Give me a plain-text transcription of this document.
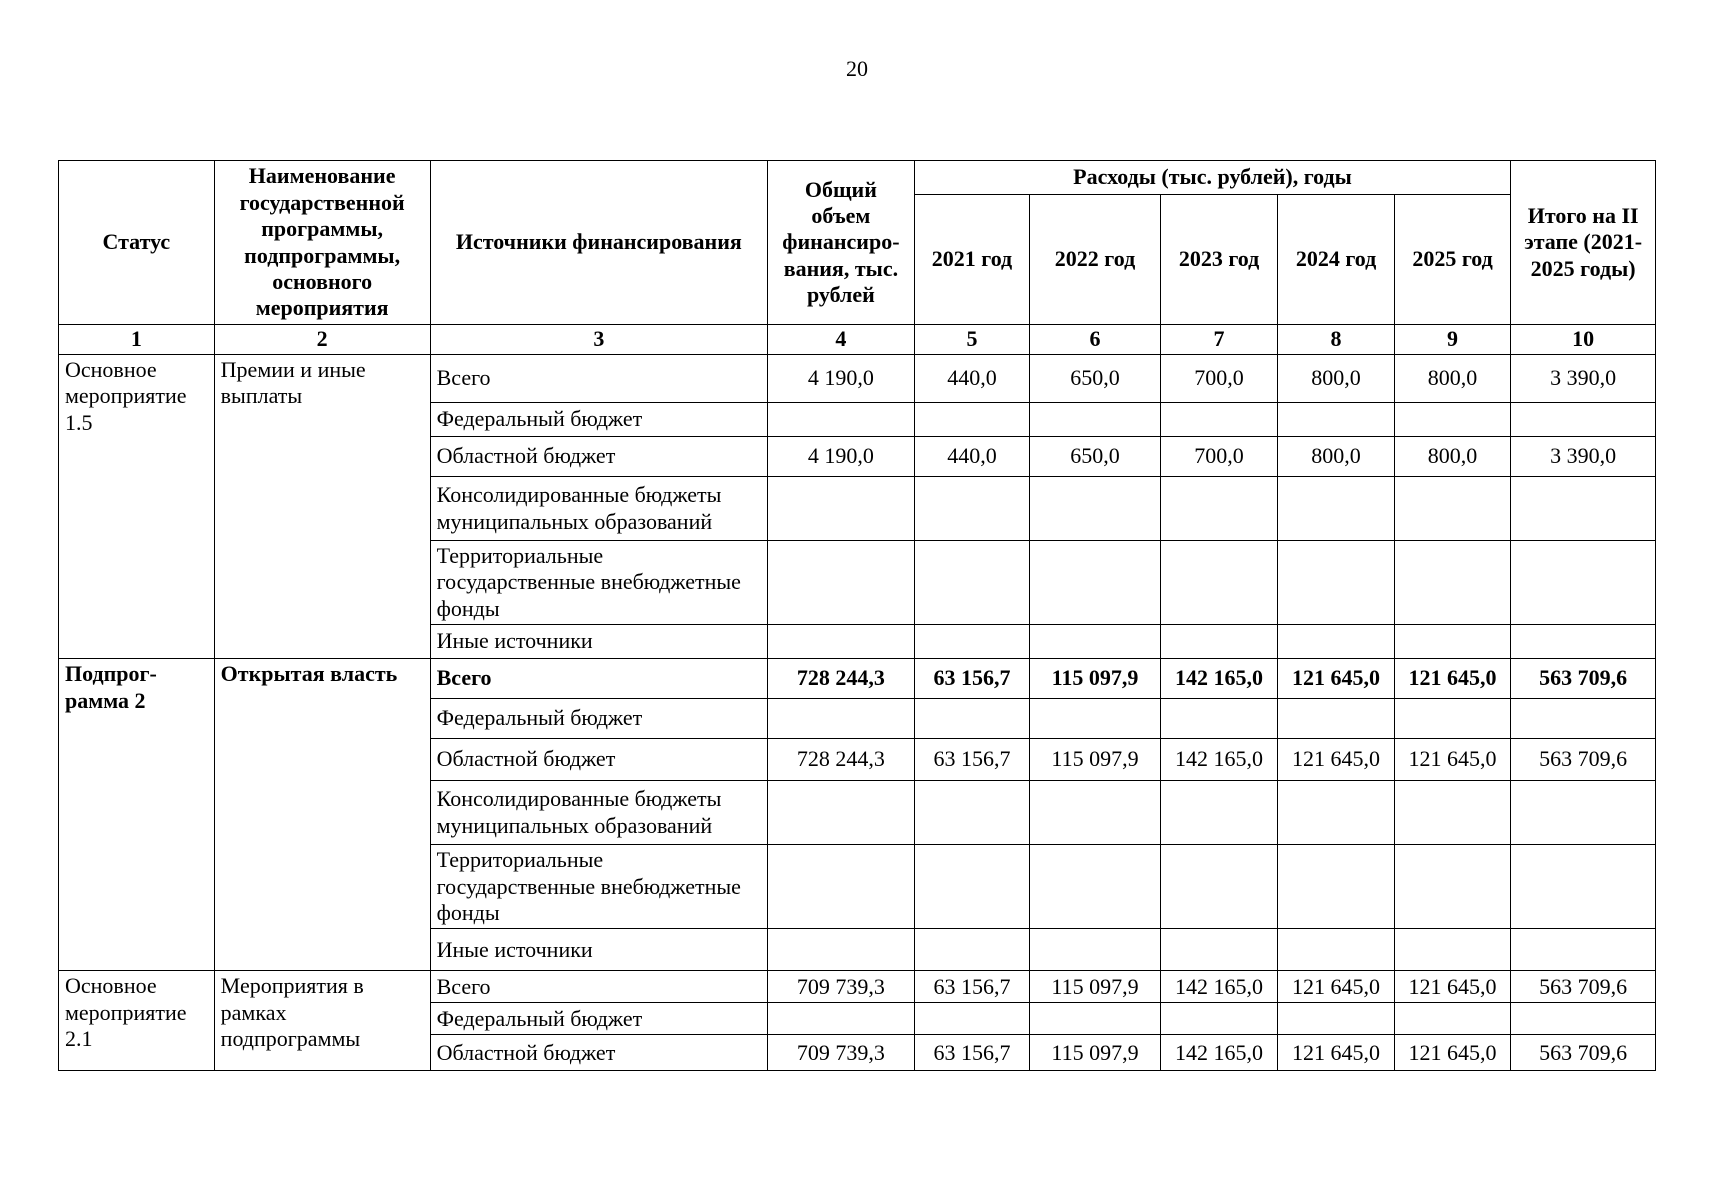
20
Статус	Наименование государственной программы, подпрограммы, основного мероприятия	Источники финансирования	Общий объем финансиро-вания, тыс. рублей	Расходы (тыс. рублей), годы					Итого на II этапе (2021-2025 годы)
				2021 год	2022 год	2023 год	2024 год	2025 год	
1	2	3	4	5	6	7	8	9	10
Основное мероприятие 1.5	Премии и иные выплаты	Всего	4 190,0	440,0	650,0	700,0	800,0	800,0	3 390,0
		Федеральный бюджет							
		Областной бюджет	4 190,0	440,0	650,0	700,0	800,0	800,0	3 390,0
		Консолидированные бюджеты муниципальных образований							
		Территориальные государственные внебюджетные фонды							
		Иные источники							
Подпрог-рамма 2	Открытая власть	Всего	728 244,3	63 156,7	115 097,9	142 165,0	121 645,0	121 645,0	563 709,6
		Федеральный бюджет							
		Областной бюджет	728 244,3	63 156,7	115 097,9	142 165,0	121 645,0	121 645,0	563 709,6
		Консолидированные бюджеты муниципальных образований							
		Территориальные государственные внебюджетные фонды							
		Иные источники							
Основное мероприятие 2.1	Мероприятия в рамках подпрограммы	Всего	709 739,3	63 156,7	115 097,9	142 165,0	121 645,0	121 645,0	563 709,6
		Федеральный бюджет							
		Областной бюджет	709 739,3	63 156,7	115 097,9	142 165,0	121 645,0	121 645,0	563 709,6
